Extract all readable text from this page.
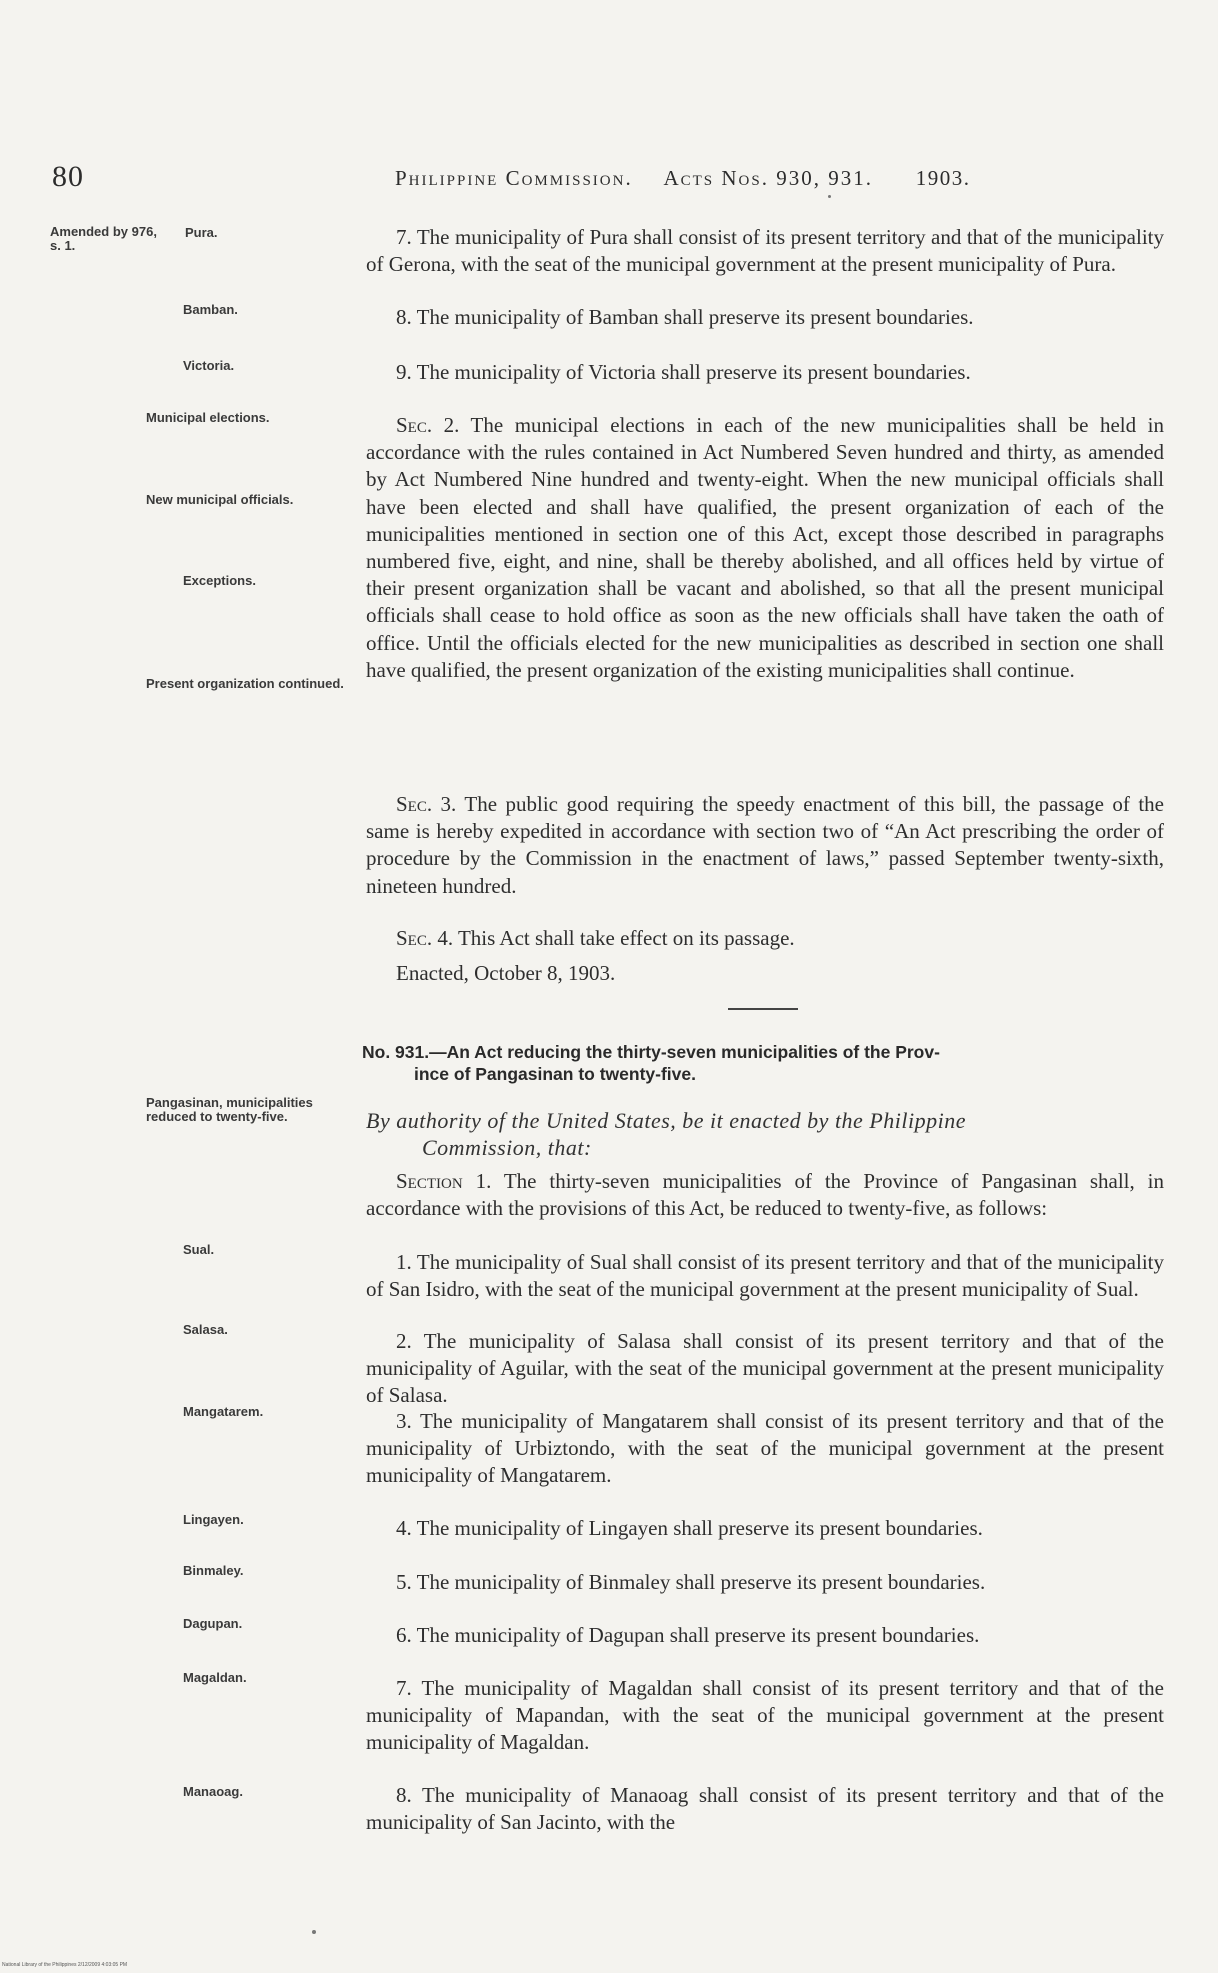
80	Philippine Commission. Acts Nos. 930, 931. 1903.
Amended by 976, s. 1.
Pura.
Bamban.
Victoria.
Municipal elections.
New municipal officials.
Exceptions.
Present organization continued.
Pangasinan, municipalities reduced to twenty-five.
Sual.
Salasa.
Mangatarem.
Lingayen.
Binmaley.
Dagupan.
Magaldan.
Manaoag.
7. The municipality of Pura shall consist of its present territory and that of the municipality of Gerona, with the seat of the municipal government at the present municipality of Pura.
8. The municipality of Bamban shall preserve its present boundaries.
9. The municipality of Victoria shall preserve its present boundaries.
Sec. 2. The municipal elections in each of the new municipalities shall be held in accordance with the rules contained in Act Numbered Seven hundred and thirty, as amended by Act Numbered Nine hundred and twenty-eight. When the new municipal officials shall have been elected and shall have qualified, the present organization of each of the municipalities mentioned in section one of this Act, except those described in paragraphs numbered five, eight, and nine, shall be thereby abolished, and all offices held by virtue of their present organization shall be vacant and abolished, so that all the present municipal officials shall cease to hold office as soon as the new officials shall have taken the oath of office. Until the officials elected for the new municipalities as described in section one shall have qualified, the present organization of the existing municipalities shall continue.
Sec. 3. The public good requiring the speedy enactment of this bill, the passage of the same is hereby expedited in accordance with section two of “An Act prescribing the order of procedure by the Commission in the enactment of laws,” passed September twenty-sixth, nineteen hundred.
Sec. 4. This Act shall take effect on its passage.
Enacted, October 8, 1903.
No. 931.—An Act reducing the thirty-seven municipalities of the Prov-
ince of Pangasinan to twenty-five.
By authority of the United States, be it enacted by the Philippine
Commission, that:
Section 1. The thirty-seven municipalities of the Province of Pangasinan shall, in accordance with the provisions of this Act, be reduced to twenty-five, as follows:
1. The municipality of Sual shall consist of its present territory and that of the municipality of San Isidro, with the seat of the municipal government at the present municipality of Sual.
2. The municipality of Salasa shall consist of its present territory and that of the municipality of Aguilar, with the seat of the municipal government at the present municipality of Salasa.
3. The municipality of Mangatarem shall consist of its present territory and that of the municipality of Urbiztondo, with the seat of the municipal government at the present municipality of Mangatarem.
4. The municipality of Lingayen shall preserve its present boundaries.
5. The municipality of Binmaley shall preserve its present boundaries.
6. The municipality of Dagupan shall preserve its present boundaries.
7. The municipality of Magaldan shall consist of its present territory and that of the municipality of Mapandan, with the seat of the municipal government at the present municipality of Magaldan.
8. The municipality of Manaoag shall consist of its present territory and that of the municipality of San Jacinto, with the
National Library of the Philippines 2/12/2009 4:03:05 PM
